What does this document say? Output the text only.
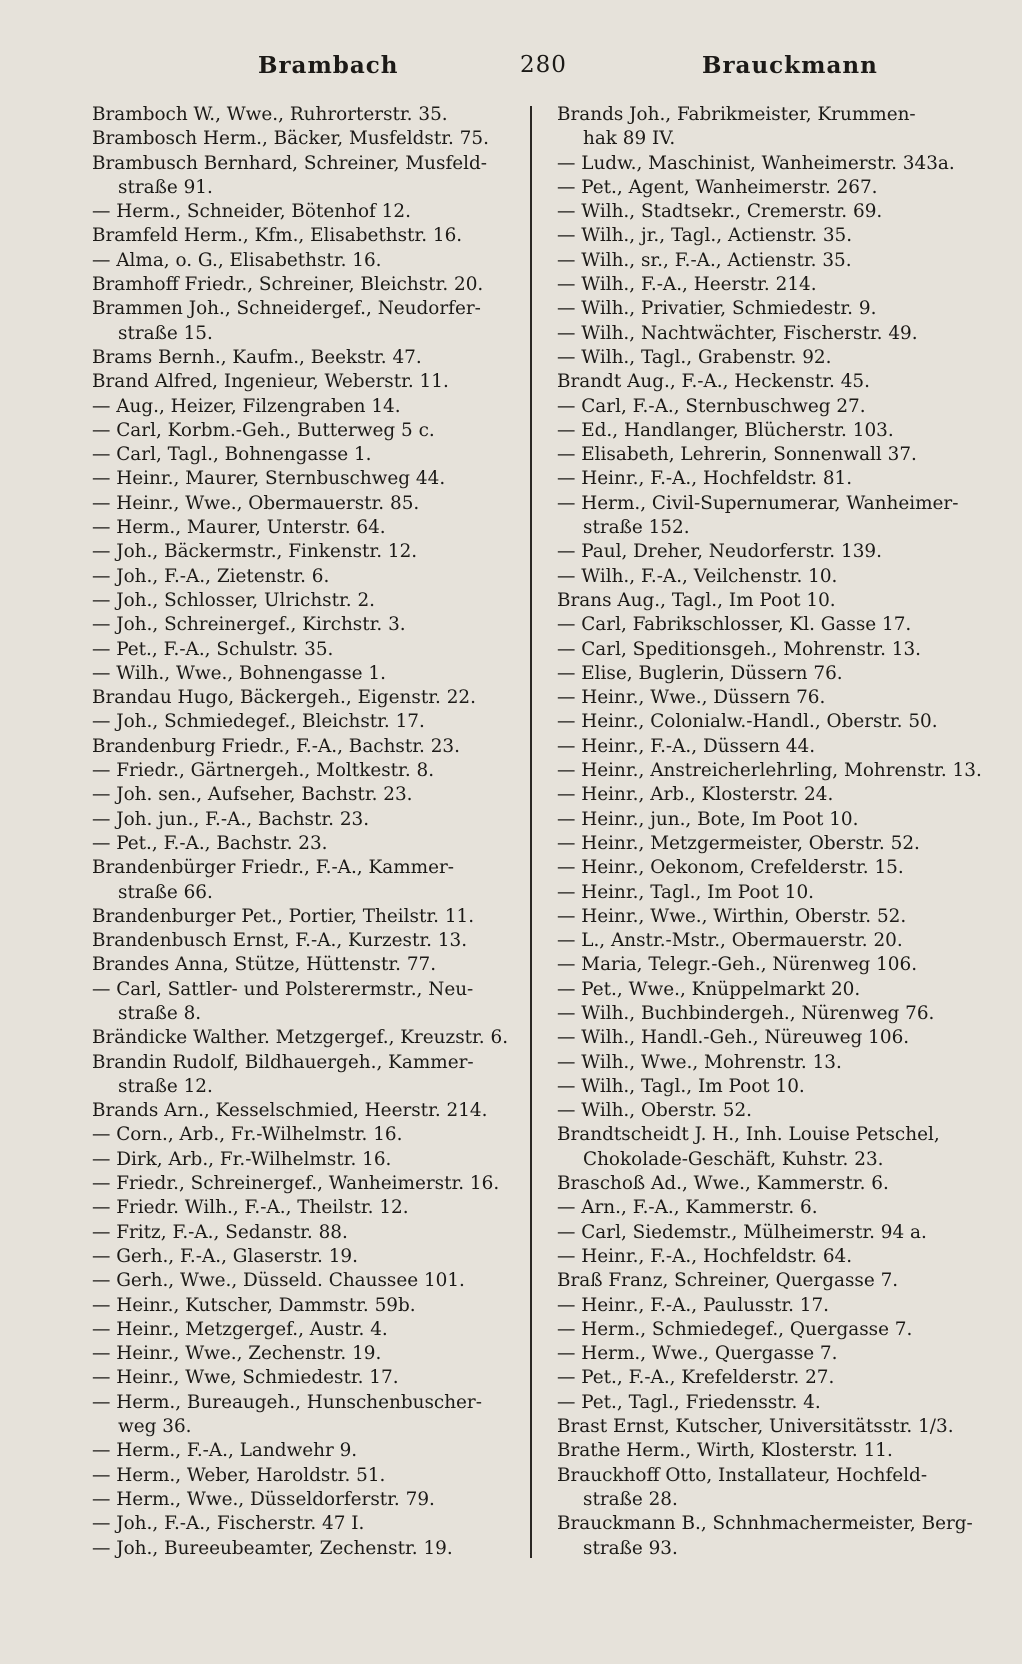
Brambach	280	Brauckmann
Bramboch W., Wwe., Ruhrorterstr. 35.
Brambosch Herm., Bäcker, Musfeldstr. 75.
Brambusch Bernhard, Schreiner, Musfeld-
straße 91.
— Herm., Schneider, Bötenhof 12.
Bramfeld Herm., Kfm., Elisabethstr. 16.
— Alma, o. G., Elisabethstr. 16.
Bramhoff Friedr., Schreiner, Bleichstr. 20.
Brammen Joh., Schneidergef., Neudorfer-
straße 15.
Brams Bernh., Kaufm., Beekstr. 47.
Brand Alfred, Ingenieur, Weberstr. 11.
— Aug., Heizer, Filzengraben 14.
— Carl, Korbm.-Geh., Butterweg 5 c.
— Carl, Tagl., Bohnengasse 1.
— Heinr., Maurer, Sternbuschweg 44.
— Heinr., Wwe., Obermauerstr. 85.
— Herm., Maurer, Unterstr. 64.
— Joh., Bäckermstr., Finkenstr. 12.
— Joh., F.-A., Zietenstr. 6.
— Joh., Schlosser, Ulrichstr. 2.
— Joh., Schreinergef., Kirchstr. 3.
— Pet., F.-A., Schulstr. 35.
— Wilh., Wwe., Bohnengasse 1.
Brandau Hugo, Bäckergeh., Eigenstr. 22.
— Joh., Schmiedegef., Bleichstr. 17.
Brandenburg Friedr., F.-A., Bachstr. 23.
— Friedr., Gärtnergeh., Moltkestr. 8.
— Joh. sen., Aufseher, Bachstr. 23.
— Joh. jun., F.-A., Bachstr. 23.
— Pet., F.-A., Bachstr. 23.
Brandenbürger Friedr., F.-A., Kammer-
straße 66.
Brandenburger Pet., Portier, Theilstr. 11.
Brandenbusch Ernst, F.-A., Kurzestr. 13.
Brandes Anna, Stütze, Hüttenstr. 77.
— Carl, Sattler- und Polsterermstr., Neu-
straße 8.
Brändicke Walther. Metzgergef., Kreuzstr. 6.
Brandin Rudolf, Bildhauergeh., Kammer-
straße 12.
Brands Arn., Kesselschmied, Heerstr. 214.
— Corn., Arb., Fr.-Wilhelmstr. 16.
— Dirk, Arb., Fr.-Wilhelmstr. 16.
— Friedr., Schreinergef., Wanheimerstr. 16.
— Friedr. Wilh., F.-A., Theilstr. 12.
— Fritz, F.-A., Sedanstr. 88.
— Gerh., F.-A., Glaserstr. 19.
— Gerh., Wwe., Düsseld. Chaussee 101.
— Heinr., Kutscher, Dammstr. 59b.
— Heinr., Metzgergef., Austr. 4.
— Heinr., Wwe., Zechenstr. 19.
— Heinr., Wwe, Schmiedestr. 17.
— Herm., Bureaugeh., Hunschenbuscher-
weg 36.
— Herm., F.-A., Landwehr 9.
— Herm., Weber, Haroldstr. 51.
— Herm., Wwe., Düsseldorferstr. 79.
— Joh., F.-A., Fischerstr. 47 I.
— Joh., Bureeubeamter, Zechenstr. 19.
Brands Joh., Fabrikmeister, Krummen-
hak 89 IV.
— Ludw., Maschinist, Wanheimerstr. 343a.
— Pet., Agent, Wanheimerstr. 267.
— Wilh., Stadtsekr., Cremerstr. 69.
— Wilh., jr., Tagl., Actienstr. 35.
— Wilh., sr., F.-A., Actienstr. 35.
— Wilh., F.-A., Heerstr. 214.
— Wilh., Privatier, Schmiedestr. 9.
— Wilh., Nachtwächter, Fischerstr. 49.
— Wilh., Tagl., Grabenstr. 92.
Brandt Aug., F.-A., Heckenstr. 45.
— Carl, F.-A., Sternbuschweg 27.
— Ed., Handlanger, Blücherstr. 103.
— Elisabeth, Lehrerin, Sonnenwall 37.
— Heinr., F.-A., Hochfeldstr. 81.
— Herm., Civil-Supernumerar, Wanheimer-
straße 152.
— Paul, Dreher, Neudorferstr. 139.
— Wilh., F.-A., Veilchenstr. 10.
Brans Aug., Tagl., Im Poot 10.
— Carl, Fabrikschlosser, Kl. Gasse 17.
— Carl, Speditionsgeh., Mohrenstr. 13.
— Elise, Buglerin, Düssern 76.
— Heinr., Wwe., Düssern 76.
— Heinr., Colonialw.-Handl., Oberstr. 50.
— Heinr., F.-A., Düssern 44.
— Heinr., Anstreicherlehrling, Mohrenstr. 13.
— Heinr., Arb., Klosterstr. 24.
— Heinr., jun., Bote, Im Poot 10.
— Heinr., Metzgermeister, Oberstr. 52.
— Heinr., Oekonom, Crefelderstr. 15.
— Heinr., Tagl., Im Poot 10.
— Heinr., Wwe., Wirthin, Oberstr. 52.
— L., Anstr.-Mstr., Obermauerstr. 20.
— Maria, Telegr.-Geh., Nürenweg 106.
— Pet., Wwe., Knüppelmarkt 20.
— Wilh., Buchbindergeh., Nürenweg 76.
— Wilh., Handl.-Geh., Nüreuweg 106.
— Wilh., Wwe., Mohrenstr. 13.
— Wilh., Tagl., Im Poot 10.
— Wilh., Oberstr. 52.
Brandtscheidt J. H., Inh. Louise Petschel,
Chokolade-Geschäft, Kuhstr. 23.
Braschoß Ad., Wwe., Kammerstr. 6.
— Arn., F.-A., Kammerstr. 6.
— Carl, Siedemstr., Mülheimerstr. 94 a.
— Heinr., F.-A., Hochfeldstr. 64.
Braß Franz, Schreiner, Quergasse 7.
— Heinr., F.-A., Paulusstr. 17.
— Herm., Schmiedegef., Quergasse 7.
— Herm., Wwe., Quergasse 7.
— Pet., F.-A., Krefelderstr. 27.
— Pet., Tagl., Friedensstr. 4.
Brast Ernst, Kutscher, Universitätsstr. 1/3.
Brathe Herm., Wirth, Klosterstr. 11.
Brauckhoff Otto, Installateur, Hochfeld-
straße 28.
Brauckmann B., Schnhmachermeister, Berg-
straße 93.
